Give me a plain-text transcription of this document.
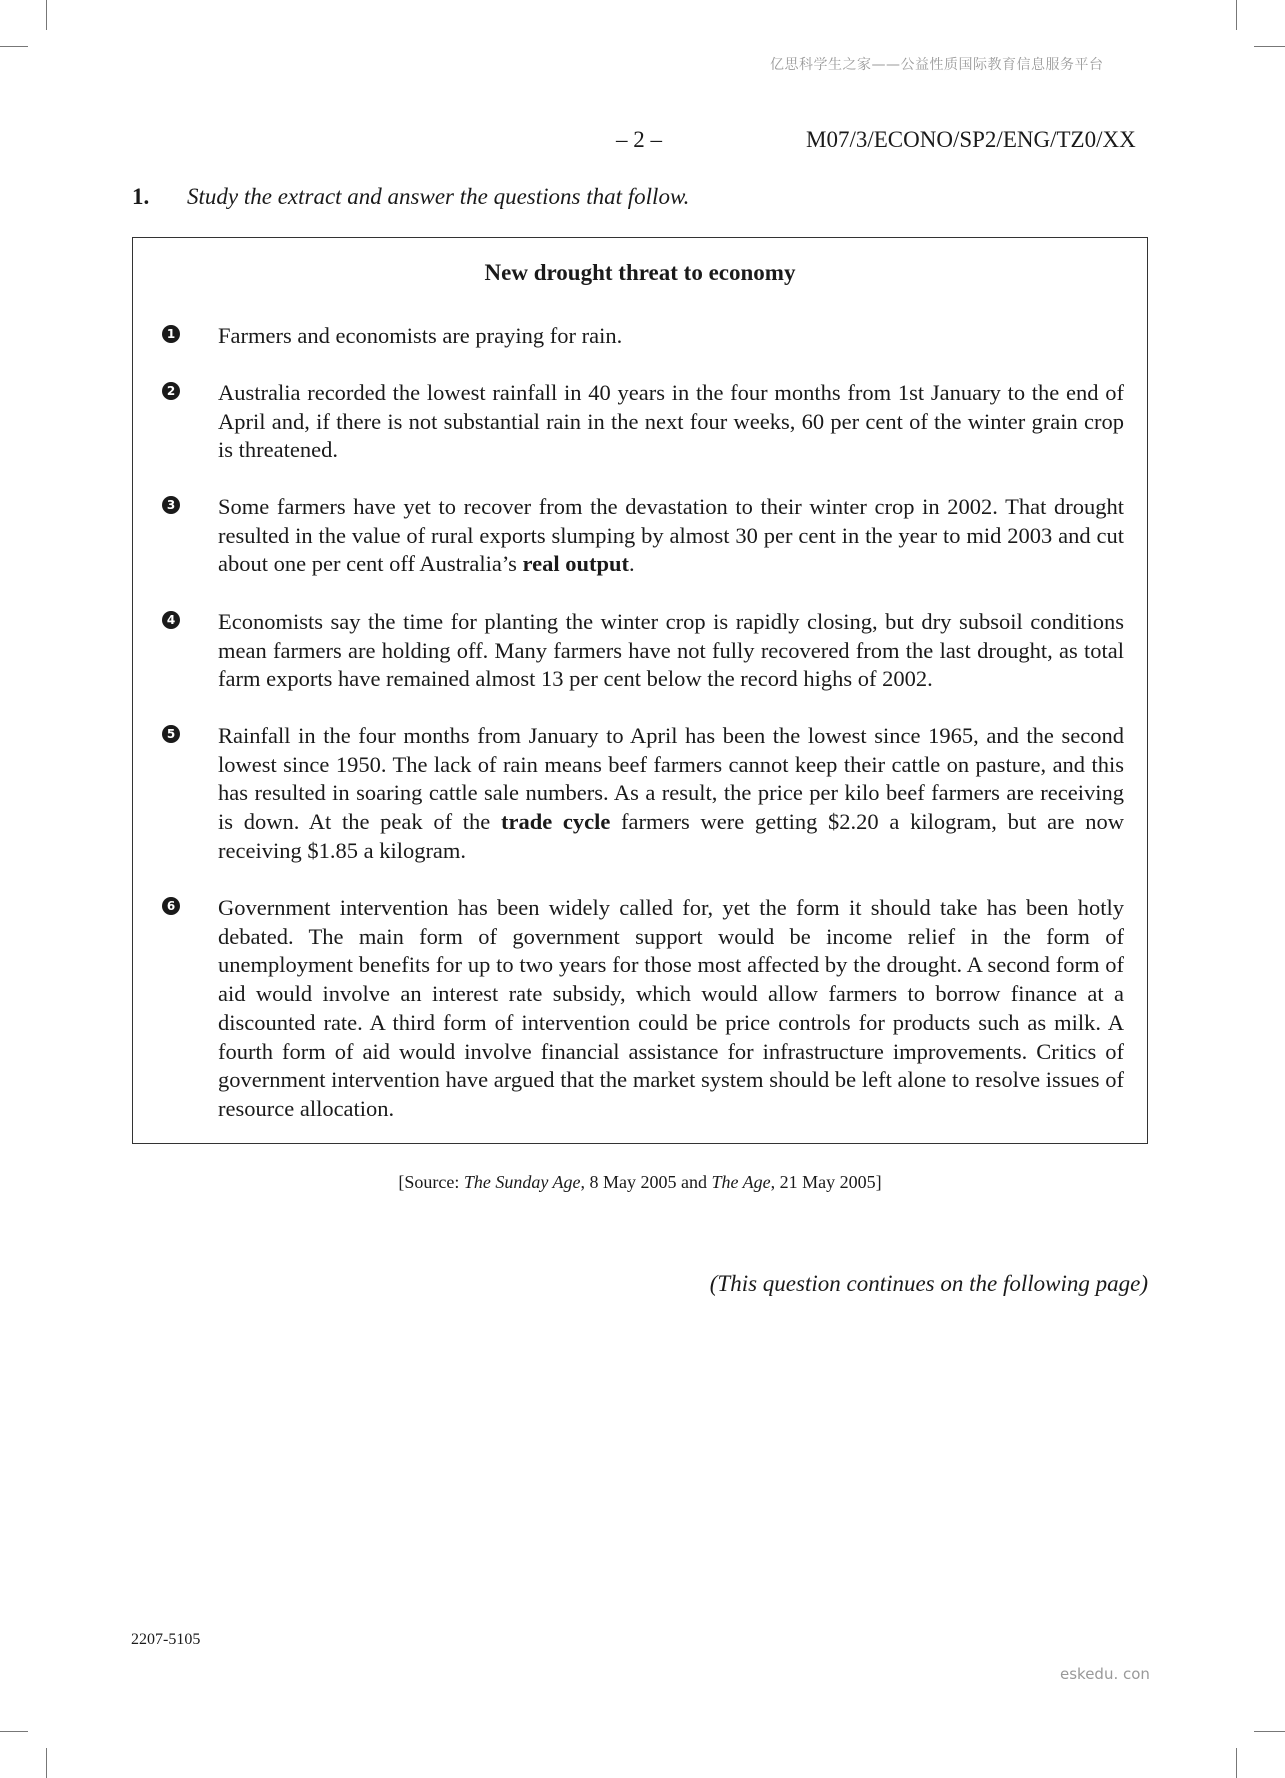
亿思科学生之家——公益性质国际教育信息服务平台
– 2 –	M07/3/ECONO/SP2/ENG/TZ0/XX
1. Study the extract and answer the questions that follow.
New drought threat to economy
1 Farmers and economists are praying for rain.
2 Australia recorded the lowest rainfall in 40 years in the four months from 1st January to the end of April and, if there is not substantial rain in the next four weeks, 60 per cent of the winter grain crop is threatened.
3 Some farmers have yet to recover from the devastation to their winter crop in 2002. That drought resulted in the value of rural exports slumping by almost 30 per cent in the year to mid 2003 and cut about one per cent off Australia’s real output.
4 Economists say the time for planting the winter crop is rapidly closing, but dry subsoil conditions mean farmers are holding off. Many farmers have not fully recovered from the last drought, as total farm exports have remained almost 13 per cent below the record highs of 2002.
5 Rainfall in the four months from January to April has been the lowest since 1965, and the second lowest since 1950. The lack of rain means beef farmers cannot keep their cattle on pasture, and this has resulted in soaring cattle sale numbers. As a result, the price per kilo beef farmers are receiving is down. At the peak of the trade cycle farmers were getting $2.20 a kilogram, but are now receiving $1.85 a kilogram.
6 Government intervention has been widely called for, yet the form it should take has been hotly debated. The main form of government support would be income relief in the form of unemployment benefits for up to two years for those most affected by the drought. A second form of aid would involve an interest rate subsidy, which would allow farmers to borrow finance at a discounted rate. A third form of intervention could be price controls for products such as milk. A fourth form of aid would involve financial assistance for infrastructure improvements. Critics of government intervention have argued that the market system should be left alone to resolve issues of resource allocation.
[Source: The Sunday Age, 8 May 2005 and The Age, 21 May 2005]
(This question continues on the following page)
2207-5105
eskedu. con
